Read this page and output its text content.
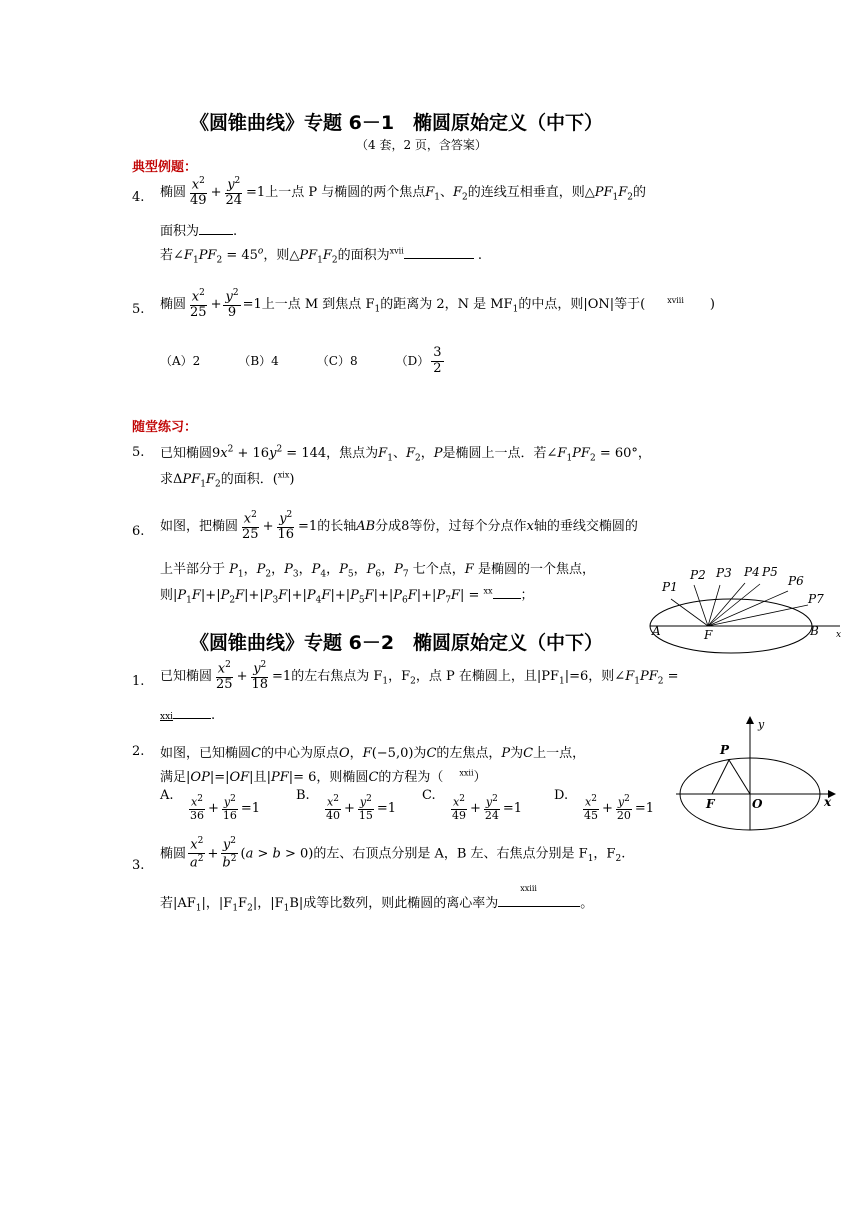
《圆锥曲线》专题 6－1　椭圆原始定义（中下）
（4 套，2 页，含答案）
典型例题：
4. 椭圆 $\frac{x^2}{49} + \frac{y^2}{24} =1$上一点 P 与椭圆的两个焦点$F_1$、$F_2$的连线互相垂直，则$\triangle PF_1F_2$的
面积为	.
若$\angle F_1PF_2 = 45^o$，则$\triangle PF_1F_2$的面积为$^{xvii}$	.
5. 椭圆 $\frac{x^2}{25} + \frac{y^2}{9} =1$上一点 M 到焦点 $F_1$的距离为 2，N 是 $MF_1$的中点，则|ON|等于(	$^{xviii}$ )
（A）2	（B）4	（C）8	$(D) \frac{3}{2}$
随堂练习：
5. 已知椭圆$9x^2 + 16y^2 = 144$，焦点为$F_1$、$F_2$，P是椭圆上一点．若$\angle F_1PF_2 = 60^\circ$，
求$\Delta PF_1F_2$的面积．($^{xix}$)
6. 如图，把椭圆 $\frac{x^2}{25} + \frac{y^2}{16} =1$的长轴AB分成8等份，过每个分点作x轴的垂线交椭圆的
上半部分于 $P_1$，$P_2$，$P_3$，$P_4$，$P_5$，$P_6$，$P_7$ 七个点，F 是椭圆的一个焦点，
则$|P_1F|+|P_2F|+|P_3F|+|P_4F|+|P_5F|+|P_6F|+|P_7F| = ^{xx}$ ；
A	B
F	x
P1
P2 P3 P4 P5
P6
P7
《圆锥曲线》专题 6－2　椭圆原始定义（中下）
1. 已知椭圆 $\frac{x^2}{25} + \frac{y^2}{18} =1$的左右焦点为 $F_1$，$F_2$，点 P 在椭圆上，且$|PF_1|=6$，则$\angle F_1PF_2$ =
xxi	.
2. 如图，已知椭圆C的中心为原点O，F(−5,0)为C的左焦点，P为C上一点，
满足|OP|=|OF|且|PF|= 6，则椭圆C的方程为（ $^{xxii}$）
A. $\frac{x^2}{36} + \frac{y^2}{16} =1$
B. $\frac{x^2}{40} + \frac{y^2}{15} =1$
C. $\frac{x^2}{49} + \frac{y^2}{24} =1$
D. $\frac{x^2}{45} + \frac{y^2}{20} =1$
y
x
P
F	O
3.
椭圆 $\frac{x^2}{a^2} + \frac{y^2}{b^2} (a > b > 0)$的左、右顶点分别是 A，B 左、右焦点分别是 $F_1$，$F_2$.
若$|AF_1|$，$|F_1F_2|$，$|F_1B|$成等比数列，则此椭圆的离心率为
xxiii
。
